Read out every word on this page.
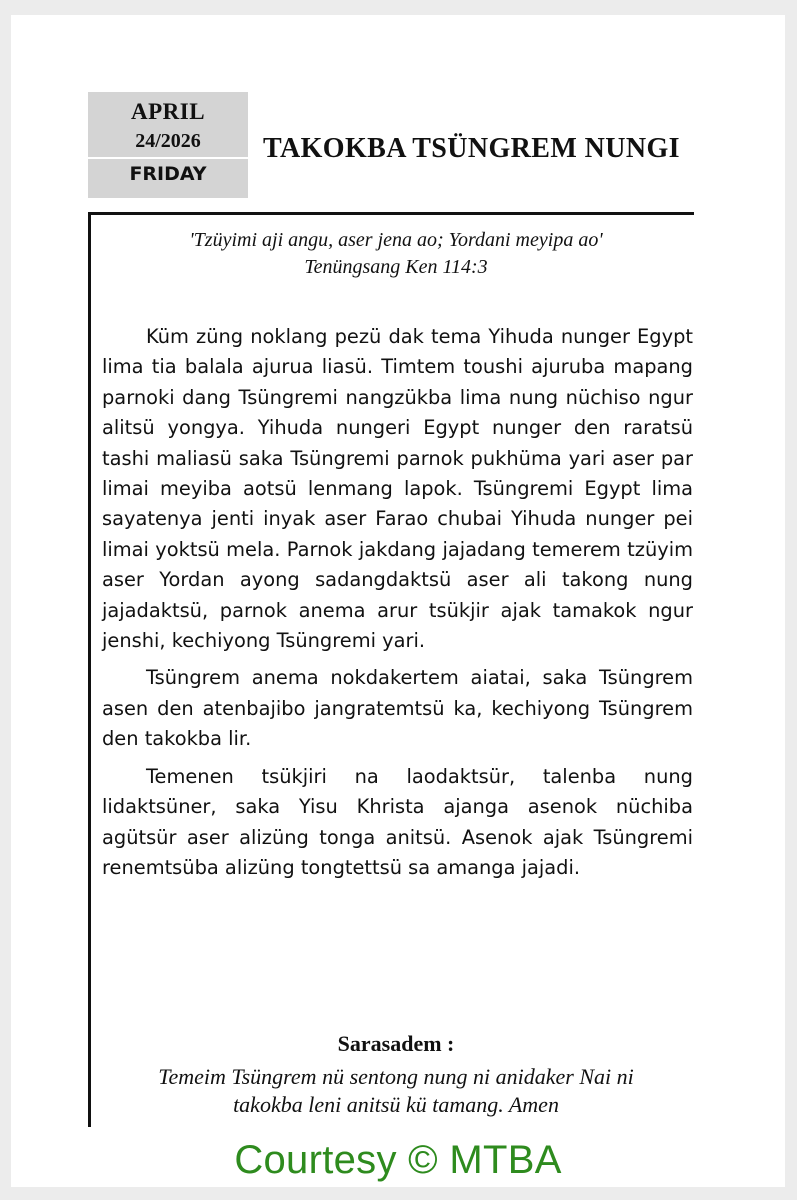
APRIL
24/2026
FRIDAY
TAKOKBA TSÜNGREM NUNGI
'Tzüyimi aji angu, aser jena ao; Yordani meyipa ao'
Tenüngsang Ken 114:3

Küm züng noklang pezü dak tema Yihuda nunger Egypt lima tia balala ajurua liasü. Timtem toushi ajuruba mapang parnoki dang Tsüngremi nangzükba lima nung nüchiso ngur alitsü yongya. Yihuda nungeri Egypt nunger den raratsü tashi maliasü saka Tsüngremi parnok pukhüma yari aser par limai meyiba aotsü lenmang lapok. Tsüngremi Egypt lima sayatenya jenti inyak aser Farao chubai Yihuda nunger pei limai yoktsü mela. Parnok jakdang jajadang temerem tzüyim aser Yordan ayong sadangdaktsü aser ali takong nung jajadaktsü, parnok anema arur tsükjir ajak tamakok ngur jenshi, kechiyong Tsüngremi yari.

Tsüngrem anema nokdakertem aiatai, saka Tsüngrem asen den atenbajibo jangratemtsü ka, kechiyong Tsüngrem den takokba lir.

Temenen tsükjiri na laodaktsür, talenba nung lidaktsüner, saka Yisu Khrista ajanga asenok nüchiba agütsür aser alizüng tonga anitsü. Asenok ajak Tsüngremi renemtsüba alizüng tongtettsü sa amanga jajadi.

Sarasadem :
Temeim Tsüngrem nü sentong nung ni anidaker Nai ni
takokba leni anitsü kü tamang. Amen
Courtesy © MTBA
